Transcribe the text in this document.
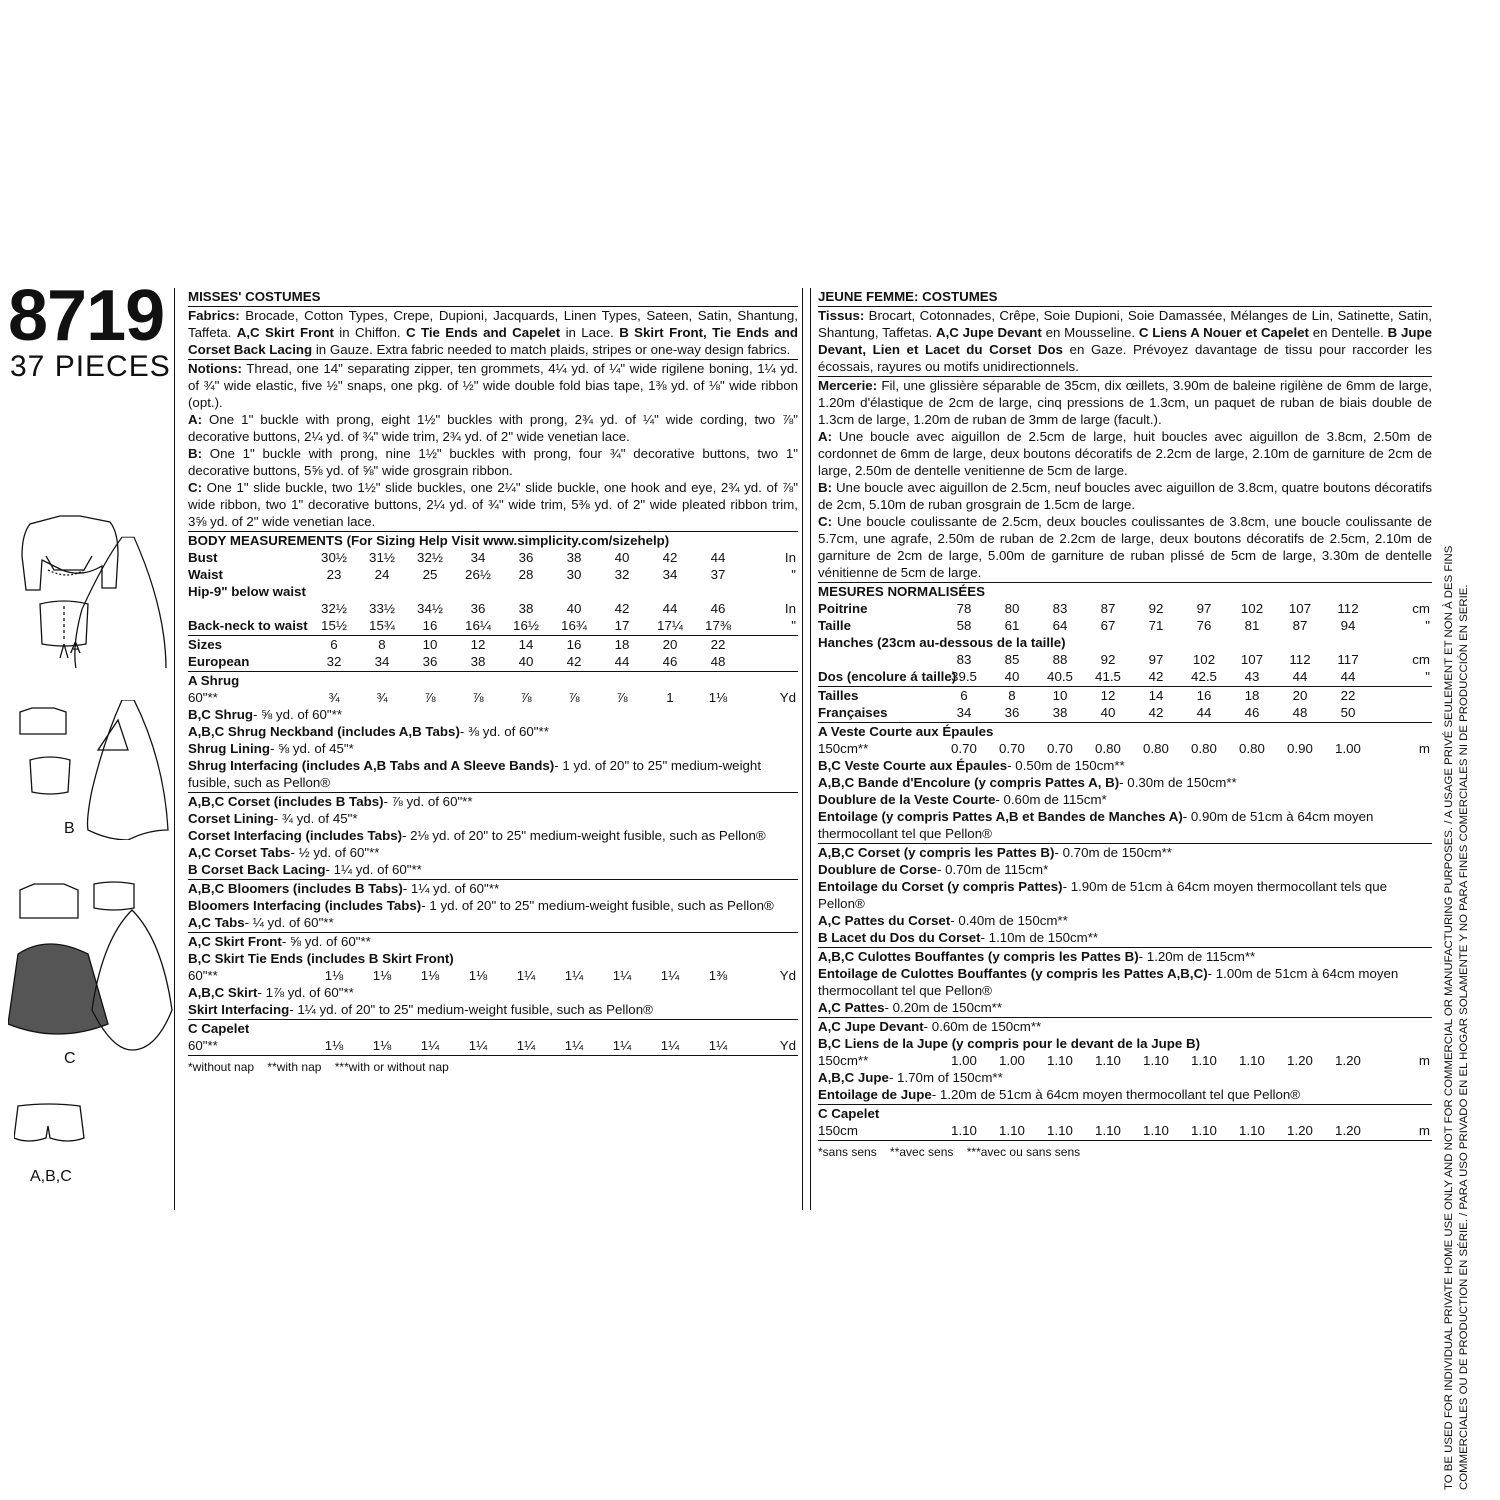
8719
37 PIECES
A
B
C
A,B,C
MISSES' COSTUMES
Fabrics: Brocade, Cotton Types, Crepe, Dupioni, Jacquards, Linen Types, Sateen, Satin, Shantung, Taffeta. A,C Skirt Front in Chiffon. C Tie Ends and Capelet in Lace. B Skirt Front, Tie Ends and Corset Back Lacing in Gauze. Extra fabric needed to match plaids, stripes or one-way design fabrics.
Notions: Thread, one 14" separating zipper, ten grommets, 4¼ yd. of ¼" wide rigilene boning, 1¼ yd. of ¾" wide elastic, five ½" snaps, one pkg. of ½" wide double fold bias tape, 1⅜ yd. of ⅛" wide ribbon (opt.).
A: One 1" buckle with prong, eight 1½" buckles with prong, 2¾ yd. of ¼" wide cording, two ⅞" decorative buttons, 2¼ yd. of ¾" wide trim, 2¾ yd. of 2" wide venetian lace.
B: One 1" buckle with prong, nine 1½" buckles with prong, four ¾" decorative buttons, two 1" decorative buttons, 5⅝ yd. of ⅝" wide grosgrain ribbon.
C: One 1" slide buckle, two 1½" slide buckles, one 2¼" slide buckle, one hook and eye, 2¾ yd. of ⅞" wide ribbon, two 1" decorative buttons, 2¼ yd. of ¾" wide trim, 5⅜ yd. of 2" wide pleated ribbon trim, 3⅝ yd. of 2" wide venetian lace.
BODY MEASUREMENTS (For Sizing Help Visit www.simplicity.com/sizehelp)
Bust	30½	31½	32½	34	36	38	40	42	44	In
Waist	23	24	25	26½	28	30	32	34	37	"
Hip-9" below waist
32½	33½	34½	36	38	40	42	44	46	In
Back-neck to waist	15½	15¾	16	16¼	16½	16¾	17	17¼	17⅜	"
Sizes	6	8	10	12	14	16	18	20	22
European	32	34	36	38	40	42	44	46	48
A Shrug
60"**	¾	¾	⅞	⅞	⅞	⅞	⅞	1	1⅛	Yd
B,C Shrug- ⅝ yd. of 60"**
A,B,C Shrug Neckband (includes A,B Tabs)- ⅜ yd. of 60"**
Shrug Lining- ⅝ yd. of 45"*
Shrug Interfacing (includes A,B Tabs and A Sleeve Bands)- 1 yd. of 20" to 25" medium-weight fusible, such as Pellon®
A,B,C Corset (includes B Tabs)- ⅞ yd. of 60"**
Corset Lining- ¾ yd. of 45"*
Corset Interfacing (includes Tabs)- 2⅛ yd. of 20" to 25" medium-weight fusible, such as Pellon®
A,C Corset Tabs- ½ yd. of 60"**
B Corset Back Lacing- 1¼ yd. of 60"**
A,B,C Bloomers (includes B Tabs)- 1¼ yd. of 60"**
Bloomers Interfacing (includes Tabs)- 1 yd. of 20" to 25" medium-weight fusible, such as Pellon®
A,C Tabs- ¼ yd. of 60"**
A,C Skirt Front- ⅝ yd. of 60"**
B,C Skirt Tie Ends (includes B Skirt Front)
60"**	1⅛	1⅛	1⅛	1⅛	1¼	1¼	1¼	1¼	1⅜	Yd
A,B,C Skirt- 1⅞ yd. of 60"**
Skirt Interfacing- 1¼ yd. of 20" to 25" medium-weight fusible, such as Pellon®
C Capelet
60"**	1⅛	1⅛	1¼	1¼	1¼	1¼	1¼	1¼	1¼	Yd
*without nap    **with nap    ***with or without nap
JEUNE FEMME: COSTUMES
Tissus: Brocart, Cotonnades, Crêpe, Soie Dupioni, Soie Damassée, Mélanges de Lin, Satinette, Satin, Shantung, Taffetas. A,C Jupe Devant en Mousseline. C Liens A Nouer et Capelet en Dentelle. B Jupe Devant, Lien et Lacet du Corset Dos en Gaze. Prévoyez davantage de tissu pour raccorder les écossais, rayures ou motifs unidirectionnels.
Mercerie: Fil, une glissière séparable de 35cm, dix œillets, 3.90m de baleine rigilène de 6mm de large, 1.20m d'élastique de 2cm de large, cinq pressions de 1.3cm, un paquet de ruban de biais double de 1.3cm de large, 1.20m de ruban de 3mm de large (facult.).
A: Une boucle avec aiguillon de 2.5cm de large, huit boucles avec aiguillon de 3.8cm, 2.50m de cordonnet de 6mm de large, deux boutons décoratifs de 2.2cm de large, 2.10m de garniture de 2cm de large, 2.50m de dentelle venitienne de 5cm de large.
B: Une boucle avec aiguillon de 2.5cm, neuf boucles avec aiguillon de 3.8cm, quatre boutons décoratifs de 2cm, 5.10m de ruban grosgrain de 1.5cm de large.
C: Une boucle coulissante de 2.5cm, deux boucles coulissantes de 3.8cm, une boucle coulissante de 5.7cm, une agrafe, 2.50m de ruban de 2.2cm de large, deux boutons décoratifs de 2.5cm, 2.10m de garniture de 2cm de large, 5.00m de garniture de ruban plissé de 5cm de large, 3.30m de dentelle vénitienne de 5cm de large.
MESURES NORMALISÉES
Poitrine	78	80	83	87	92	97	102	107	112	cm
Taille	58	61	64	67	71	76	81	87	94	"
Hanches (23cm au-dessous de la taille)
83	85	88	92	97	102	107	112	117	cm
Dos (encolure á taille)
39.5	40	40.5	41.5	42	42.5	43	44	44	"
Tailles	6	8	10	12	14	16	18	20	22
Françaises	34	36	38	40	42	44	46	48	50
A Veste Courte aux Épaules
150cm**	0.70	0.70	0.70	0.80	0.80	0.80	0.80	0.90	1.00	m
B,C Veste Courte aux Épaules- 0.50m de 150cm**
A,B,C Bande d'Encolure (y compris Pattes A, B)- 0.30m de 150cm**
Doublure de la Veste Courte- 0.60m de 115cm*
Entoilage (y compris Pattes A,B et Bandes de Manches A)- 0.90m de 51cm à 64cm moyen thermocollant tel que Pellon®
A,B,C Corset (y compris les Pattes B)- 0.70m de 150cm**
Doublure de Corse- 0.70m de 115cm*
Entoilage du Corset (y compris Pattes)- 1.90m de 51cm à 64cm moyen thermocollant tels que Pellon®
A,C Pattes du Corset- 0.40m de 150cm**
B Lacet du Dos du Corset- 1.10m de 150cm**
A,B,C Culottes Bouffantes (y compris les Pattes B)- 1.20m de 115cm**
Entoilage de Culottes Bouffantes (y compris les Pattes A,B,C)- 1.00m de 51cm à 64cm moyen thermocollant tel que Pellon®
A,C Pattes- 0.20m de 150cm**
A,C Jupe Devant- 0.60m de 150cm**
B,C Liens de la Jupe (y compris pour le devant de la Jupe B)
150cm**	1.00	1.00	1.10	1.10	1.10	1.10	1.10	1.20	1.20	m
A,B,C Jupe- 1.70m of 150cm**
Entoilage de Jupe- 1.20m de 51cm à 64cm moyen thermocollant tel que Pellon®
C Capelet
150cm	1.10	1.10	1.10	1.10	1.10	1.10	1.10	1.20	1.20	m
*sans sens    **avec sens    ***avec ou sans sens	TO BE USED FOR INDIVIDUAL PRIVATE HOME USE ONLY AND NOT FOR COMMERCIAL OR MANUFACTURING PURPOSES. / A USAGE PRIVÉ SEULEMENT ET NON À DES FINS COMMERCIALES OU DE PRODUCTION EN SÉRIE. / PARA USO PRIVADO EN EL HOGAR SOLAMENTE Y NO PARA FINES COMERCIALES NI DE PRODUCCIÓN EN SERIE.
